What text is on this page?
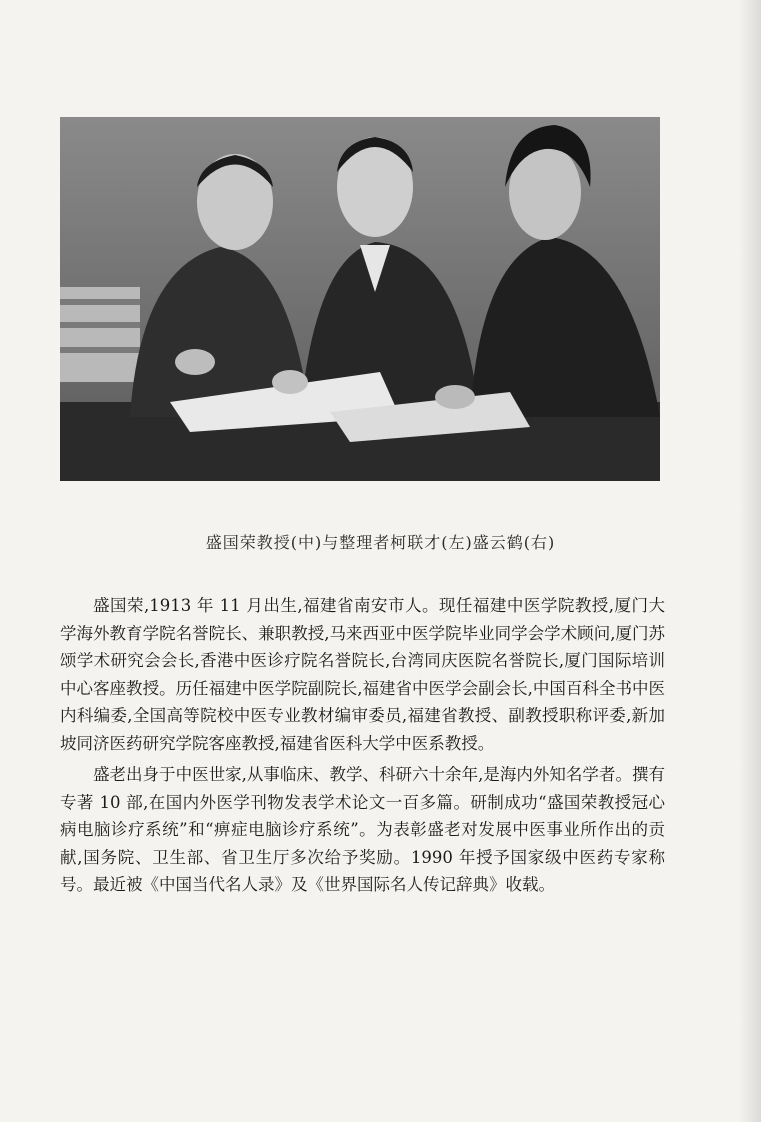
盛国荣教授(中)与整理者柯联才(左)盛云鹤(右)

盛国荣,1913 年 11 月出生,福建省南安市人。现任福建中医学院教授,厦门大学海外教育学院名誉院长、兼职教授,马来西亚中医学院毕业同学会学术顾问,厦门苏颂学术研究会会长,香港中医诊疗院名誉院长,台湾同庆医院名誉院长,厦门国际培训中心客座教授。历任福建中医学院副院长,福建省中医学会副会长,中国百科全书中医内科编委,全国高等院校中医专业教材编审委员,福建省教授、副教授职称评委,新加坡同济医药研究学院客座教授,福建省医科大学中医系教授。

盛老出身于中医世家,从事临床、教学、科研六十余年,是海内外知名学者。撰有专著 10 部,在国内外医学刊物发表学术论文一百多篇。研制成功“盛国荣教授冠心病电脑诊疗系统”和“痹症电脑诊疗系统”。为表彰盛老对发展中医事业所作出的贡献,国务院、卫生部、省卫生厅多次给予奖励。1990 年授予国家级中医药专家称号。最近被《中国当代名人录》及《世界国际名人传记辞典》收载。
